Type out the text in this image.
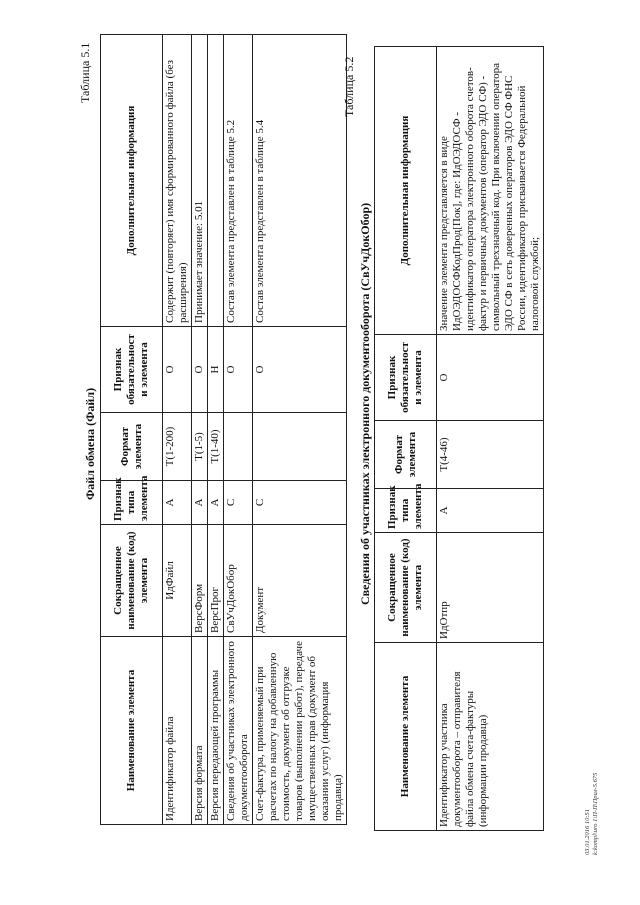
Таблица 5.1
Файл обмена (Файл)
Наименование элемента	Сокращенное наименование (код) элемента	Признак типа элемента	Формат элемента	Признак обязательност и элемента	Дополнительная информация
Идентификатор файла	ИдФайл	А	T(1-200)	О	Содержит (повторяет) имя сформированного файла (без расширения)
Версия формата	ВерсФорм	А	T(1-5)	О	Принимает значение: 5.01
Версия передающей программы	ВерсПрог	А	T(1-40)	Н	
Сведения об участниках электронного документооборота	СвУчДокОбор	С		О	Состав элемента представлен в таблице 5.2
Счет-фактура, применяемый при расчетах по налогу на добавленную стоимость, документ об отгрузке товаров (выполнении работ), передаче имущественных прав (документ об оказании услуг) (информация продавца)	Документ	С		О	Состав элемента представлен в таблице 5.4
Таблица 5.2
Сведения об участниках электронного документооборота (СвУчДокОбор)
Наименование элемента	Сокращенное наименование (код) элемента	Признак типа элемента	Формат элемента	Признак обязательност и элемента	Дополнительная информация
Идентификатор участника документооборота – отправителя файла обмена счета-фактуры (информации продавца)	ИдОтпр	А	T(4-46)	О	Значение элемента представляется в виде ИдОЭДОСФКодПрод[Пок], где: ИдОЭДОСФ - идентификатор оператора электронного оборота счетов-фактур и первичных документов (оператор ЭДО СФ) - символьный трехзначный код. При включении оператора ЭДО СФ в сеть доверенных операторов ЭДО СФ ФНС России, идентификатор присваивается Федеральной налоговой службой;
03.01.2016 10:51 k:kompl\uro 1\П-П\Прил-5.675
